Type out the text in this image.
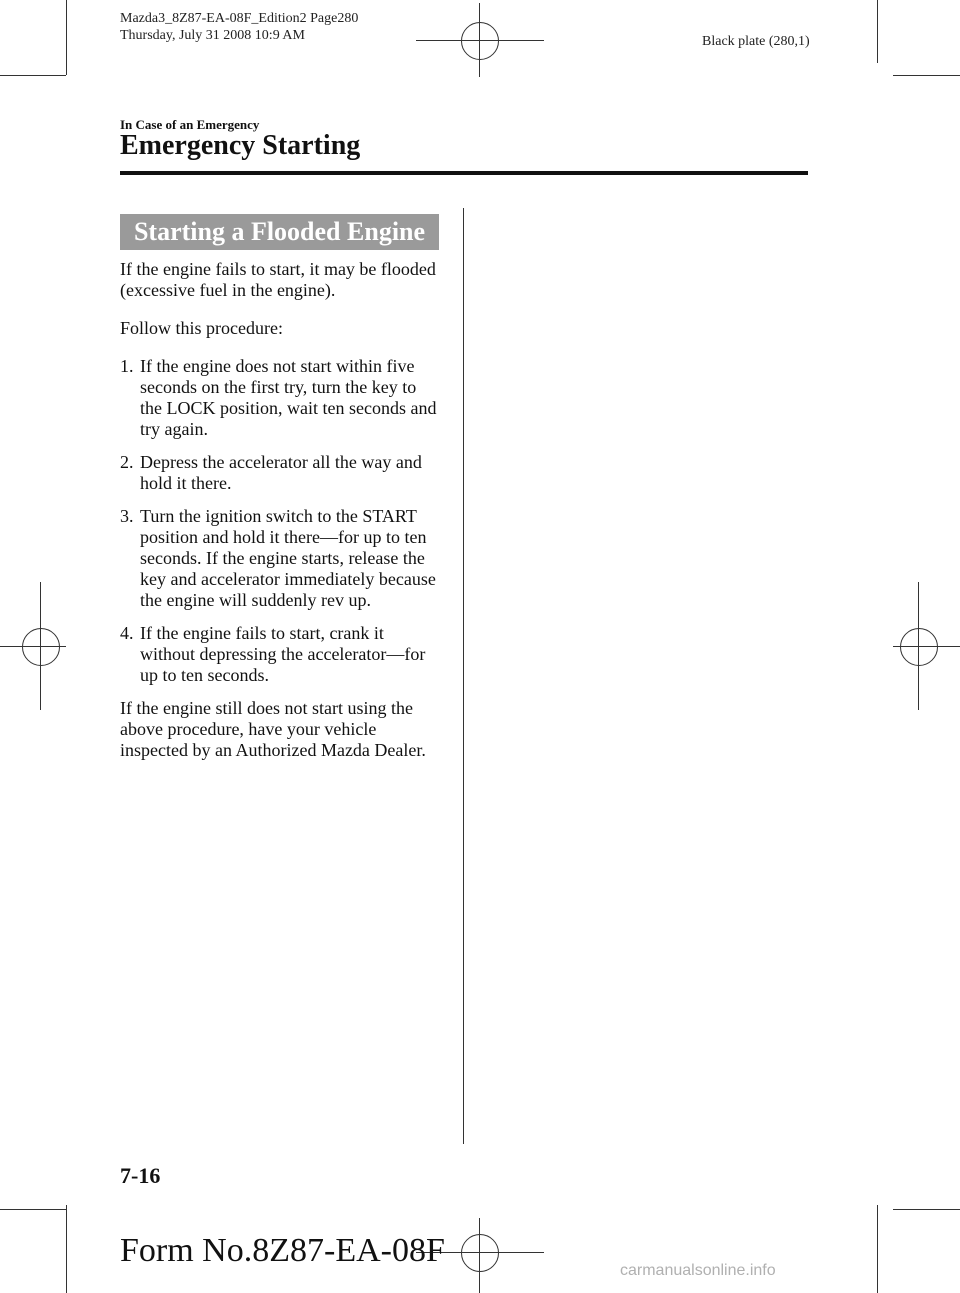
Mazda3_8Z87-EA-08F_Edition2 Page280
Thursday, July 31 2008 10:9 AM	Black plate (280,1)
In Case of an Emergency
Emergency Starting
Starting a Flooded Engine

If the engine fails to start, it may be flooded (excessive fuel in the engine).

Follow this procedure:

1. If the engine does not start within five seconds on the first try, turn the key to the LOCK position, wait ten seconds and try again.
2. Depress the accelerator all the way and hold it there.
3. Turn the ignition switch to the START position and hold it there—for up to ten seconds. If the engine starts, release the key and accelerator immediately because the engine will suddenly rev up.
4. If the engine fails to start, crank it without depressing the accelerator—for up to ten seconds.

If the engine still does not start using the above procedure, have your vehicle inspected by an Authorized Mazda Dealer.

7-16
Form No.8Z87-EA-08F
carmanualsonline.info
